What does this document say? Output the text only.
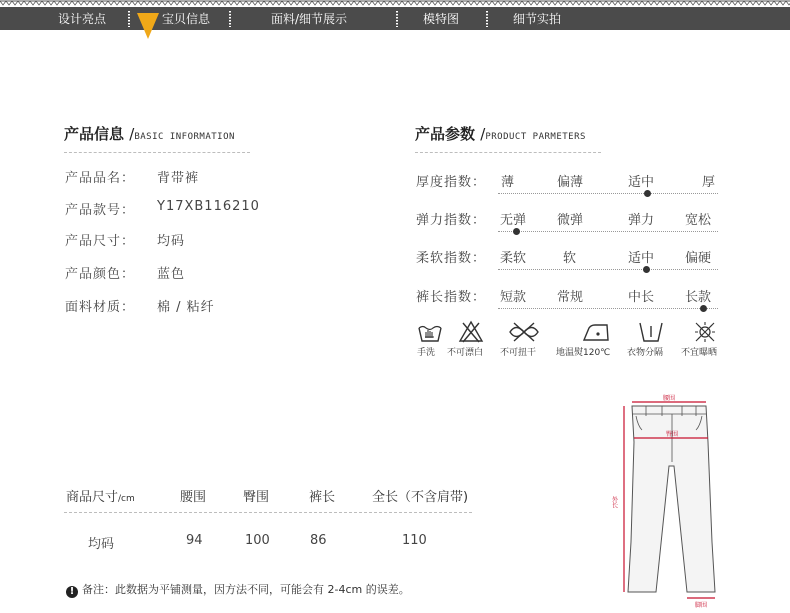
设计亮点	宝贝信息	面料/细节展示	模特图	细节实拍
产品信息 /BASIC INFORMATION
产品品名： 背带裤
产品款号： Y17XB116210
产品尺寸： 均码
产品颜色： 蓝色
面料材质： 棉 / 粘纤
产品参数 /PRODUCT PARMETERS
厚度指数： 薄	偏薄	适中	厚
弹力指数： 无弹 微弹	弹力 宽松
柔软指数： 柔软	软	适中 偏硬
裤长指数： 短款 常规	中长 长款
手洗 不可漂白 不可扭干 地温熨120℃ 衣物分隔 不宜曝晒
商品尺寸/cm	腰围	臀围	裤长	全长（不含肩带)
均码	94	100	86	110
! 备注：此数据为平铺测量，因方法不同，可能会有 2-4cm 的误差。
腰围
臀围
脚围
外长
